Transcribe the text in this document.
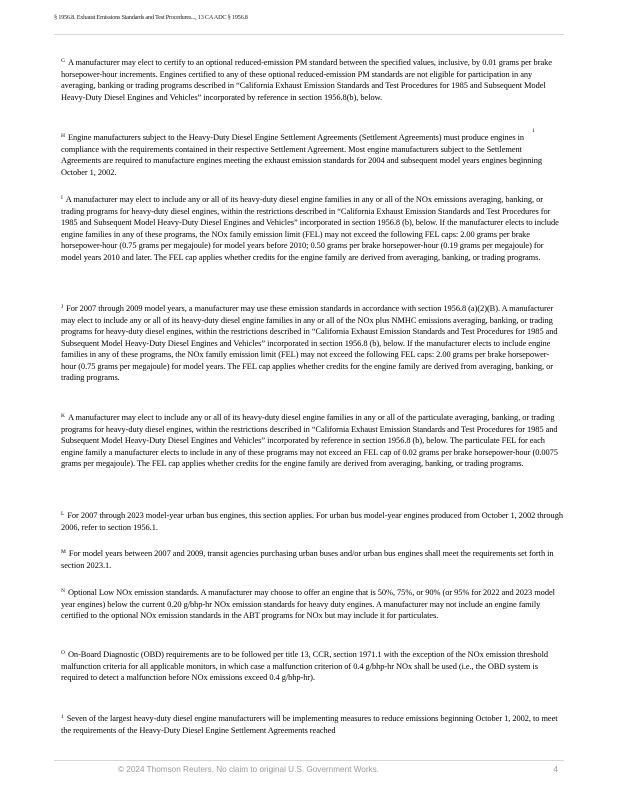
§ 1956.8. Exhaust Emissions Standards and Test Procedures..., 13 CA ADC § 1956.8

$^G$ A manufacturer may elect to certify to an optional reduced-emission PM standard between the specified values, inclusive, by 0.01 grams per brake horsepower-hour increments. Engines certified to any of these optional reduced-emission PM standards are not eligible for participation in any averaging, banking or trading programs described in “California Exhaust Emission Standards and Test Procedures for 1985 and Subsequent Model Heavy-Duty Diesel Engines and Vehicles” incorporated by reference in section 1956.8(b), below.

$^H$ Engine manufacturers subject to the Heavy-Duty Diesel Engine Settlement Agreements (Settlement Agreements) must produce engines in compliance with the requirements contained in their respective Settlement Agreement. Most engine manufacturers subject to the Settlement Agreements are required to manufacture engines meeting the exhaust emission standards for 2004 and subsequent model years engines beginning October 1, 2002.

1

$^I$ A manufacturer may elect to include any or all of its heavy-duty diesel engine families in any or all of the NOx emissions averaging, banking, or trading programs for heavy-duty diesel engines, within the restrictions described in “California Exhaust Emission Standards and Test Procedures for 1985 and Subsequent Model Heavy-Duty Diesel Engines and Vehicles” incorporated in section 1956.8 (b), below. If the manufacturer elects to include engine families in any of these programs, the NOx family emission limit (FEL) may not exceed the following FEL caps: 2.00 grams per brake horsepower-hour (0.75 grams per megajoule) for model years before 2010; 0.50 grams per brake horsepower-hour (0.19 grams per megajoule) for model years 2010 and later. The FEL cap applies whether credits for the engine family are derived from averaging, banking, or trading programs.

$^J$ For 2007 through 2009 model years, a manufacturer may use these emission standards in accordance with section 1956.8 (a)(2)(B). A manufacturer may elect to include any or all of its heavy-duty diesel engine families in any or all of the NOx plus NMHC emissions averaging, banking, or trading programs for heavy-duty diesel engines, within the restrictions described in “California Exhaust Emission Standards and Test Procedures for 1985 and Subsequent Model Heavy-Duty Diesel Engines and Vehicles” incorporated in section 1956.8 (b), below. If the manufacturer elects to include engine families in any of these programs, the NOx family emission limit (FEL) may not exceed the following FEL caps: 2.00 grams per brake horsepower-hour (0.75 grams per megajoule) for model years. The FEL cap applies whether credits for the engine family are derived from averaging, banking, or trading programs.

$^K$ A manufacturer may elect to include any or all of its heavy-duty diesel engine families in any or all of the particulate averaging, banking, or trading programs for heavy-duty diesel engines, within the restrictions described in “California Exhaust Emission Standards and Test Procedures for 1985 and Subsequent Model Heavy-Duty Diesel Engines and Vehicles” incorporated by reference in section 1956.8 (b), below. The particulate FEL for each engine family a manufacturer elects to include in any of these programs may not exceed an FEL cap of 0.02 grams per brake horsepower-hour (0.0075 grams per megajoule). The FEL cap applies whether credits for the engine family are derived from averaging, banking, or trading programs.

$^L$ For 2007 through 2023 model-year urban bus engines, this section applies. For urban bus model-year engines produced from October 1, 2002 through 2006, refer to section 1956.1.

$^M$ For model years between 2007 and 2009, transit agencies purchasing urban buses and/or urban bus engines shall meet the requirements set forth in section 2023.1.

$^N$ Optional Low NOx emission standards. A manufacturer may choose to offer an engine that is 50%, 75%, or 90% (or 95% for 2022 and 2023 model year engines) below the current 0.20 g/bhp-hr NOx emission standards for heavy duty engines. A manufacturer may not include an engine family certified to the optional NOx emission standards in the ABT programs for NOx but may include it for particulates.

$^O$ On-Board Diagnostic (OBD) requirements are to be followed per title 13, CCR, section 1971.1 with the exception of the NOx emission threshold malfunction criteria for all applicable monitors, in which case a malfunction criterion of 0.4 g/bhp-hr NOx shall be used (i.e., the OBD system is required to detect a malfunction before NOx emissions exceed 0.4 g/bhp-hr).

$^1$ Seven of the largest heavy-duty diesel engine manufacturers will be implementing measures to reduce emissions beginning October 1, 2002, to meet the requirements of the Heavy-Duty Diesel Engine Settlement Agreements reached

© 2024 Thomson Reuters. No claim to original U.S. Government Works.	4
